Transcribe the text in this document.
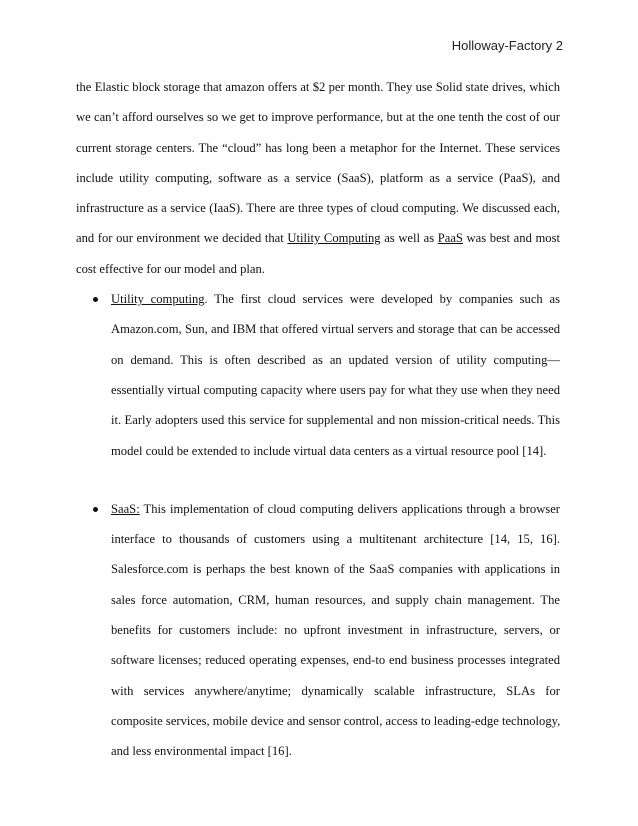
Holloway-Factory 2
the Elastic block storage that amazon offers at $2 per month. They use Solid state drives, which
we can’t afford ourselves so we get to improve performance, but at the one tenth the cost of our
current storage centers. The “cloud” has long been a metaphor for the Internet. These services
include utility computing, software as a service (SaaS), platform as a service (PaaS), and
infrastructure as a service (IaaS). There are three types of cloud computing. We discussed each,
and for our environment we decided that Utility Computing as well as PaaS was best and most
cost effective for our model and plan.
Utility computing. The first cloud services were developed by companies such as
Amazon.com, Sun, and IBM that offered virtual servers and storage that can be accessed
on demand. This is often described as an updated version of utility computing—
essentially virtual computing capacity where users pay for what they use when they need
it. Early adopters used this service for supplemental and non mission-critical needs. This
model could be extended to include virtual data centers as a virtual resource pool [14].
SaaS: This implementation of cloud computing delivers applications through a browser
interface to thousands of customers using a multitenant architecture [14, 15, 16].
Salesforce.com is perhaps the best known of the SaaS companies with applications in
sales force automation, CRM, human resources, and supply chain management. The
benefits for customers include: no upfront investment in infrastructure, servers, or
software licenses; reduced operating expenses, end-to end business processes integrated
with services anywhere/anytime; dynamically scalable infrastructure, SLAs for
composite services, mobile device and sensor control, access to leading-edge technology,
and less environmental impact [16].
